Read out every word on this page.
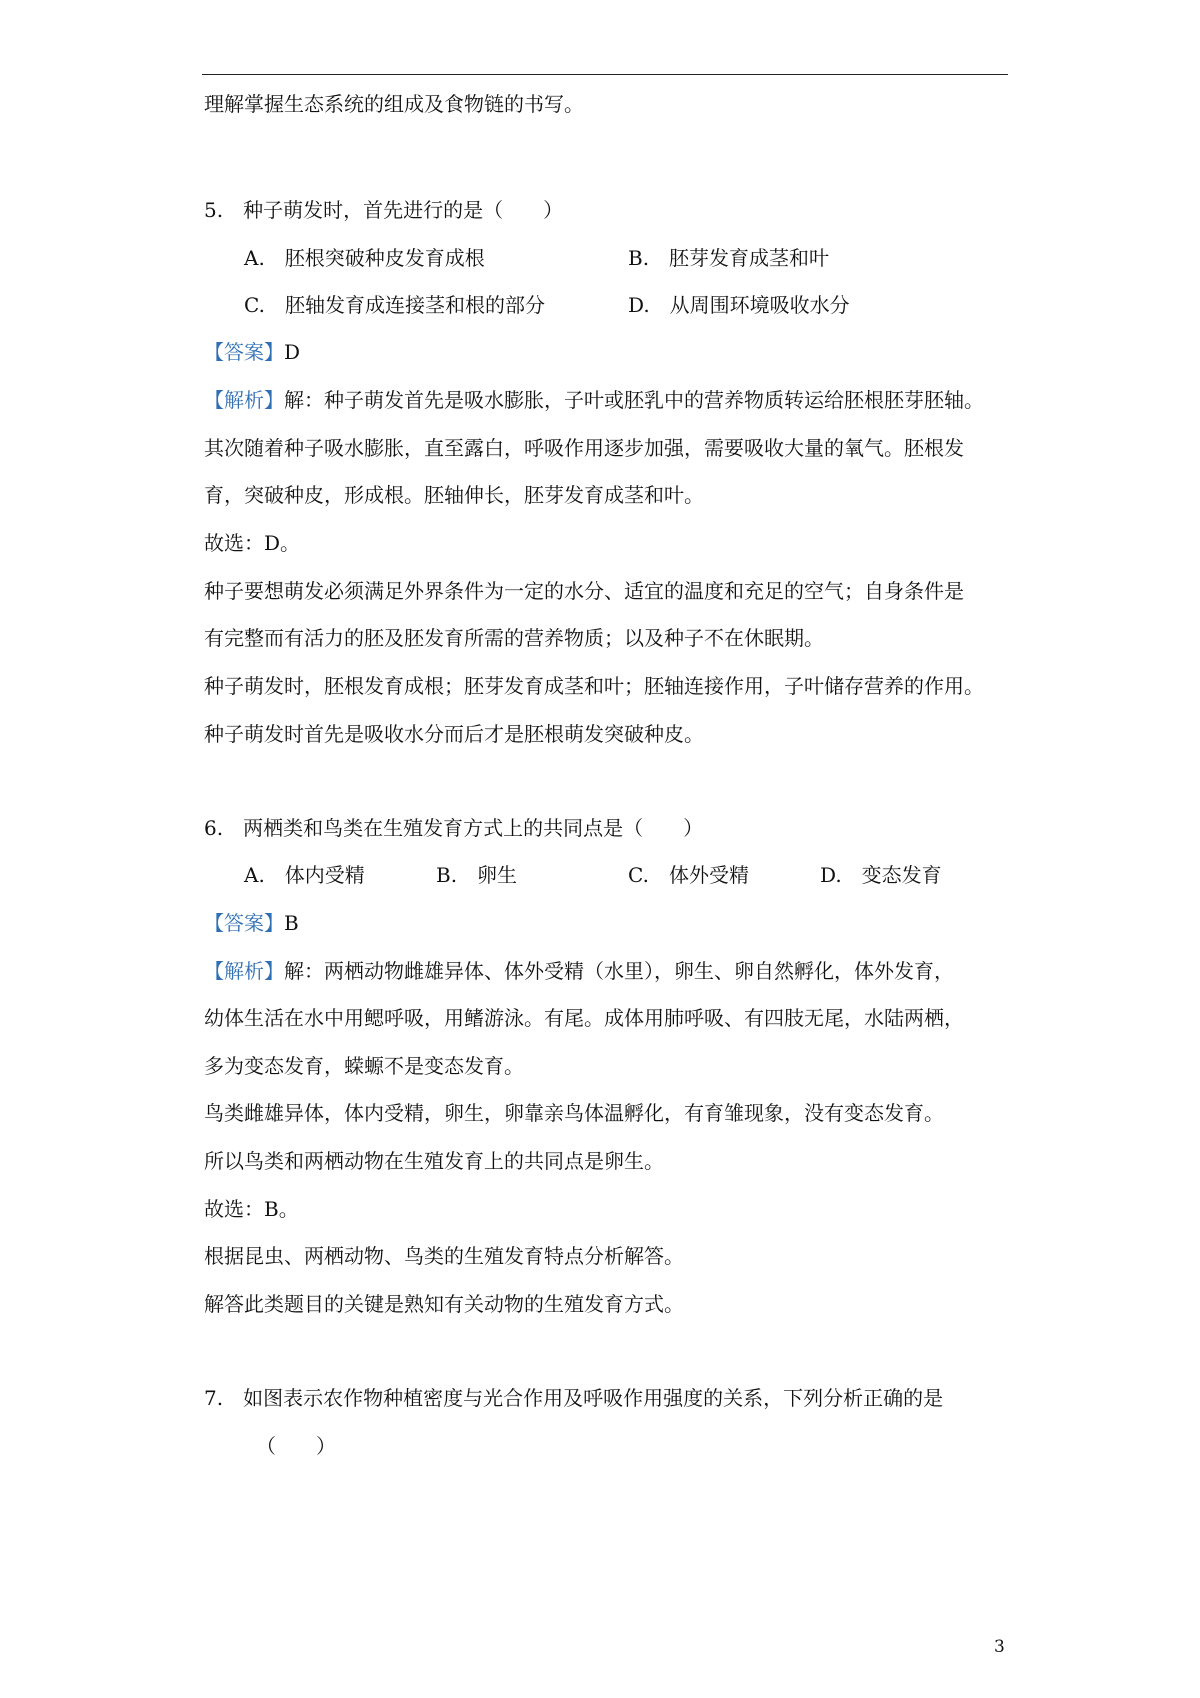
理解掌握生态系统的组成及食物链的书写。
5.　种子萌发时，首先进行的是（　　）
A.　胚根突破种皮发育成根	B.　胚芽发育成茎和叶
C.　胚轴发育成连接茎和根的部分	D.　从周围环境吸收水分
【答案】D
【解析】解：种子萌发首先是吸水膨胀，子叶或胚乳中的营养物质转运给胚根胚芽胚轴。
其次随着种子吸水膨胀，直至露白，呼吸作用逐步加强，需要吸收大量的氧气。胚根发
育，突破种皮，形成根。胚轴伸长，胚芽发育成茎和叶。
故选：D。
种子要想萌发必须满足外界条件为一定的水分、适宜的温度和充足的空气；自身条件是
有完整而有活力的胚及胚发育所需的营养物质；以及种子不在休眠期。
种子萌发时，胚根发育成根；胚芽发育成茎和叶；胚轴连接作用，子叶储存营养的作用。
种子萌发时首先是吸收水分而后才是胚根萌发突破种皮。
6.　两栖类和鸟类在生殖发育方式上的共同点是（　　）
A.　体内受精	B.　卵生	C.　体外受精	D.　变态发育
【答案】B
【解析】解：两栖动物雌雄异体、体外受精（水里），卵生、卵自然孵化，体外发育，
幼体生活在水中用鳃呼吸，用鳍游泳。有尾。成体用肺呼吸、有四肢无尾，水陆两栖，
多为变态发育，蝾螈不是变态发育。
鸟类雌雄异体，体内受精，卵生，卵靠亲鸟体温孵化，有育雏现象，没有变态发育。
所以鸟类和两栖动物在生殖发育上的共同点是卵生。
故选：B。
根据昆虫、两栖动物、鸟类的生殖发育特点分析解答。
解答此类题目的关键是熟知有关动物的生殖发育方式。
7.　如图表示农作物种植密度与光合作用及呼吸作用强度的关系，下列分析正确的是
（　　）
3
